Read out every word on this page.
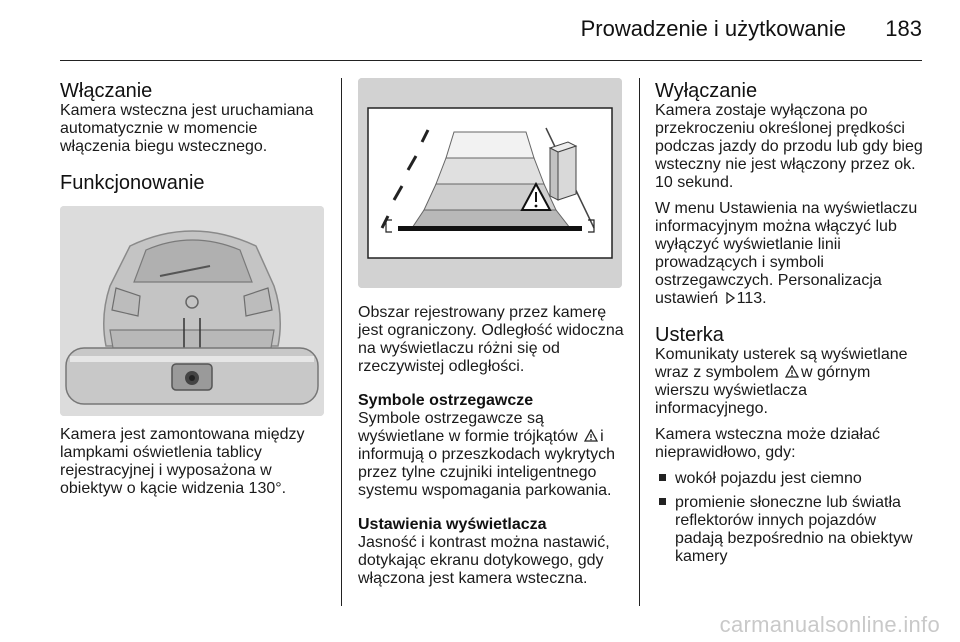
Prowadzenie i użytkowanie	183
Włączanie

Kamera wsteczna jest uruchamiana automatycznie w momencie włączenia biegu wstecznego.

Funkcjonowanie

Kamera jest zamontowana między lampkami oświetlenia tablicy rejestracyjnej i wyposażona w obiektyw o kącie widzenia 130°.

Obszar rejestrowany przez kamerę jest ograniczony. Odległość widoczna na wyświetlaczu różni się od rzeczywistej odległości.

Symbole ostrzegawcze

Symbole ostrzegawcze są wyświetlane w formie trójkątów i informują o przeszkodach wykrytych przez tylne czujniki inteligentnego systemu wspomagania parkowania.

Ustawienia wyświetlacza

Jasność i kontrast można nastawić, dotykając ekranu dotykowego, gdy włączona jest kamera wsteczna.

Wyłączanie

Kamera zostaje wyłączona po przekroczeniu określonej prędkości podczas jazdy do przodu lub gdy bieg wsteczny nie jest włączony przez ok. 10 sekund.

W menu Ustawienia na wyświetlaczu informacyjnym można włączyć lub wyłączyć wyświetlanie linii prowadzących i symboli ostrzegawczych. Personalizacja ustawień 113.

Usterka

Komunikaty usterek są wyświetlane wraz z symbolem w górnym wierszu wyświetlacza informacyjnego.

Kamera wsteczna może działać nieprawidłowo, gdy:

wokół pojazdu jest ciemno
promienie słoneczne lub światła reflektorów innych pojazdów padają bezpośrednio na obiektyw kamery
carmanualsonline.info
